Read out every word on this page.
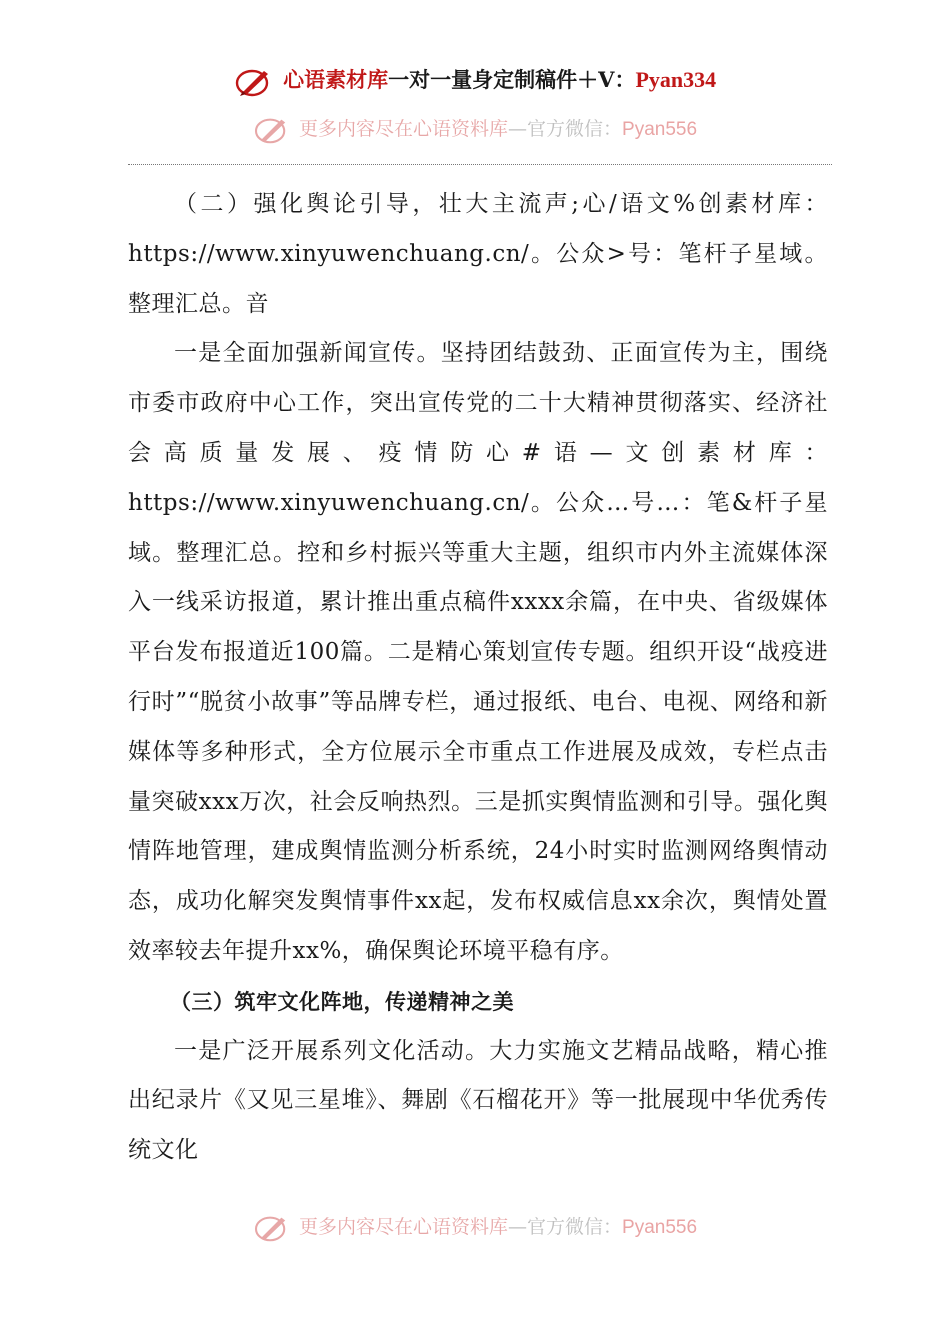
心语素材库一对一量身定制稿件＋V：Pyan334
更多内容尽在心语资料库—官方微信：Pyan556

（二）强化舆论引导，壮大主流声;心/语文%创素材库：https://www.xinyuwenchuang.cn/。公众>号：笔杆子星域。整理汇总。音

一是全面加强新闻宣传。坚持团结鼓劲、正面宣传为主，围绕市委市政府中心工作，突出宣传党的二十大精神贯彻落实、经济社会高质量发展、疫情防心#语—文创素材库：https://www.xinyuwenchuang.cn/。公众…号…：笔&杆子星域。整理汇总。控和乡村振兴等重大主题，组织市内外主流媒体深入一线采访报道，累计推出重点稿件xxxx余篇，在中央、省级媒体平台发布报道近100篇。二是精心策划宣传专题。组织开设“战疫进行时”“脱贫小故事”等品牌专栏，通过报纸、电台、电视、网络和新媒体等多种形式，全方位展示全市重点工作进展及成效，专栏点击量突破xxx万次，社会反响热烈。三是抓实舆情监测和引导。强化舆情阵地管理，建成舆情监测分析系统，24小时实时监测网络舆情动态，成功化解突发舆情事件xx起，发布权威信息xx余次，舆情处置效率较去年提升xx%，确保舆论环境平稳有序。

（三）筑牢文化阵地，传递精神之美

一是广泛开展系列文化活动。大力实施文艺精品战略，精心推出纪录片《又见三星堆》、舞剧《石榴花开》等一批展现中华优秀传统文化

更多内容尽在心语资料库—官方微信：Pyan556
